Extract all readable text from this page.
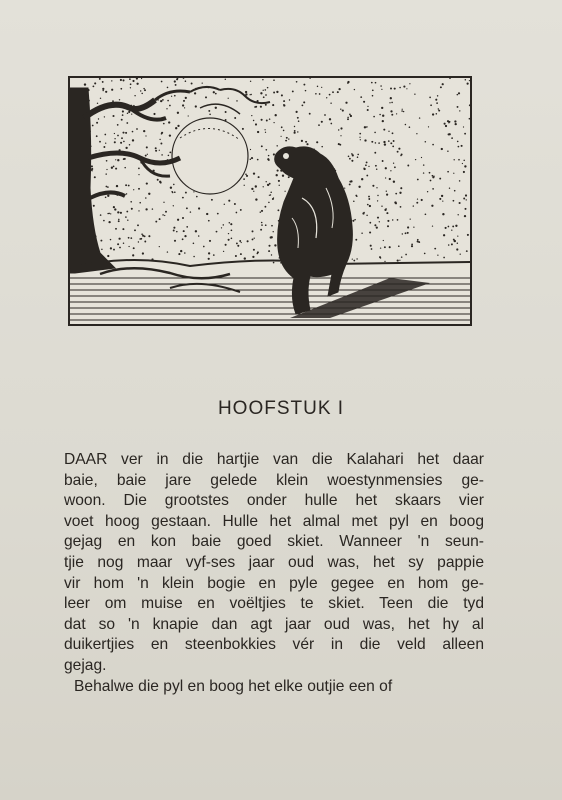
HOOFSTUK I
DAAR ver in die hartjie van die Kalahari het daar
baie, baie jare gelede klein woestynmensies ge-
woon. Die grootstes onder hulle het skaars vier
voet hoog gestaan. Hulle het almal met pyl en boog
gejag en kon baie goed skiet. Wanneer 'n seun-
tjie nog maar vyf-ses jaar oud was, het sy pappie
vir hom 'n klein bogie en pyle gegee en hom ge-
leer om muise en voëltjies te skiet. Teen die tyd
dat so 'n knapie dan agt jaar oud was, het hy al
duikertjies en steenbokkies vér in die veld alleen
gejag.
Behalwe die pyl en boog het elke outjie een of
